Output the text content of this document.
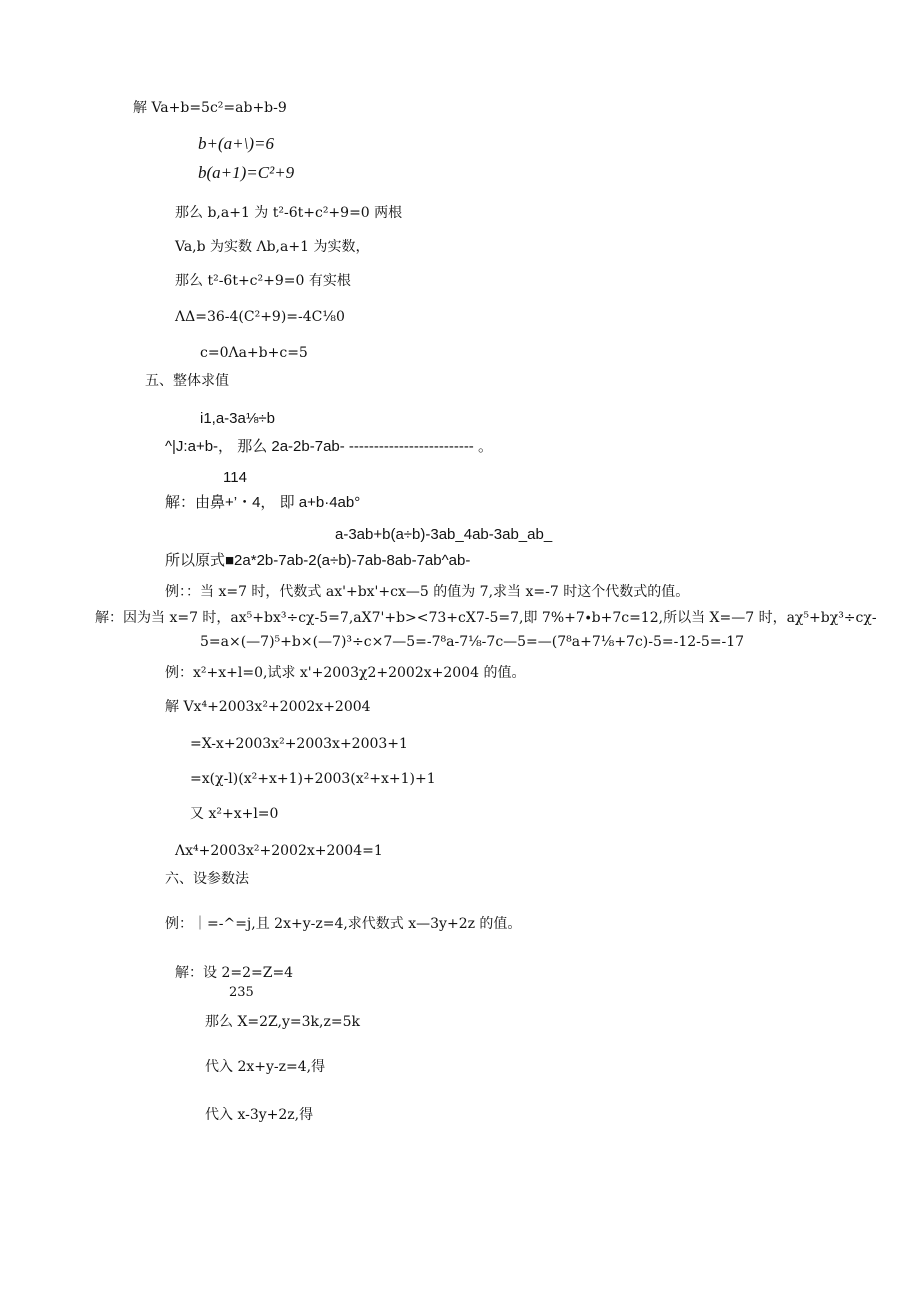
解 Va+b=5c²=ab+b-9
b+(a+\)=6
b(a+1)=C²+9
那么 b,a+1 为 t²-6t+c²+9=0 两根
Va,b 为实数 Λb,a+1 为实数，
那么 t²-6t+c²+9=0 有实根
ΛΔ=36-4(C²+9)=-4C⅛0
c=0Λa+b+c=5
五、整体求值
i1,a-3a⅛÷b
^|J:a+b-， 那么 2a-2b-7ab- ------------------------- 。
114
解：由鼻+’・4， 即 a+b·4ab°
a-3ab+b(a÷b)-3ab_4ab-3ab_ab_
所以原式■2a*2b-7ab-2(a÷b)-7ab-8ab-7ab^ab-
例：：当 x=7 时，代数式 ax'+bx'+cx—5 的值为 7,求当 x=-7 时这个代数式的值。
解：因为当 x=7 时，ax⁵+bx³÷cχ-5=7,aX7'+b><73+cX7-5=7,即 7%+7∙b+7c=12,所以当 X=—7 时，aχ⁵+bχ³÷cχ-
5=a×(—7)⁵+b×(—7)³÷c×7—5=-7⁸a-7⅛-7c—5=—(7⁸a+7⅛+7c)-5=-12-5=-17
例：x²+x+l=0,试求 x'+2003χ2+2002x+2004 的值。
解 Vx⁴+2003x²+2002x+2004
=X-x+2003x²+2003x+2003+1
=x(χ-l)(x²+x+1)+2003(x²+x+1)+1
又 x²+x+l=0
Λx⁴+2003x²+2002x+2004=1
六、设参数法
例：｜=-^=j,且 2x+y-z=4,求代数式 x—3y+2z 的值。
解：设 2=2=Z=4
235
那么 X=2Z,y=3k,z=5k
代入 2x+y-z=4,得
代入 x-3y+2z,得
